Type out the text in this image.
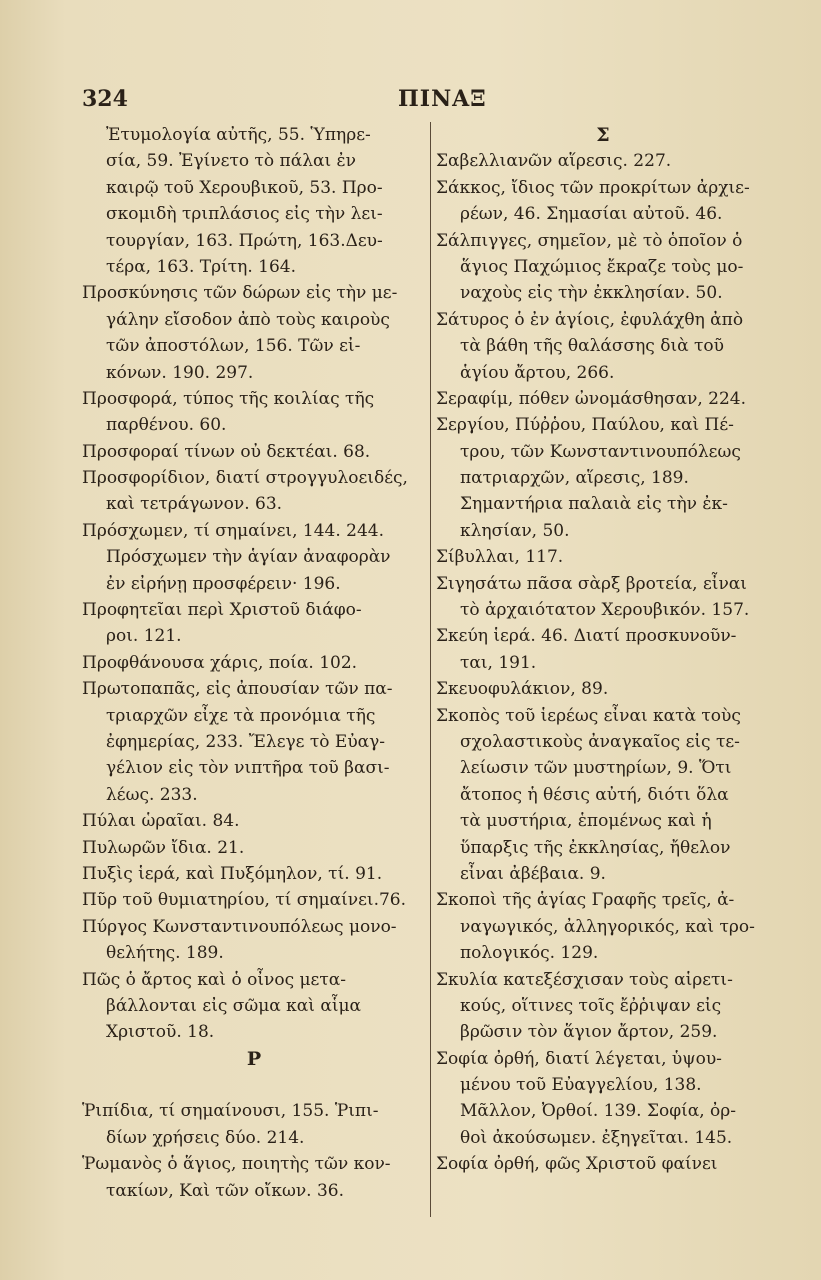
324	ΠΙΝΑΞ
Ἐτυμολογία αὐτῆς, 55. Ὑπηρε-
σία, 59. Ἐγίνετο τὸ πάλαι ἐν
καιρῷ τοῦ Χερουβικοῦ, 53. Προ-
σκομιδὴ τριπλάσιος εἰς τὴν λει-
τουργίαν, 163. Πρώτη, 163.Δευ-
τέρα, 163. Τρίτη. 164.
Προσκύνησις τῶν δώρων εἰς τὴν με-
γάλην εἴσοδον ἀπὸ τοὺς καιροὺς
τῶν ἀποστόλων, 156. Τῶν εἰ-
κόνων. 190. 297.
Προσφορά, τύπος τῆς κοιλίας τῆς
παρθένου. 60.
Προσφοραί τίνων οὐ δεκτέαι. 68.
Προσφορίδιον, διατί στρογγυλοειδές,
καὶ τετράγωνον. 63.
Πρόσχωμεν, τί σημαίνει, 144. 244.
Πρόσχωμεν τὴν ἁγίαν ἀναφορὰν
ἐν εἰρήνῃ προσφέρειν· 196.
Προφητεῖαι περὶ Χριστοῦ διάφο-
ροι. 121.
Προφθάνουσα χάρις, ποία. 102.
Πρωτοπαπᾶς, εἰς ἀπουσίαν τῶν πα-
τριαρχῶν εἶχε τὰ προνόμια τῆς
ἐφημερίας, 233. Ἔλεγε τὸ Εὐαγ-
γέλιον εἰς τὸν νιπτῆρα τοῦ βασι-
λέως. 233.
Πύλαι ὡραῖαι. 84.
Πυλωρῶν ἴδια. 21.
Πυξὶς ἱερά, καὶ Πυξόμηλον, τί. 91.
Πῦρ τοῦ θυμιατηρίου, τί σημαίνει.76.
Πύργος Κωνσταντινουπόλεως μονο-
θελήτης. 189.
Πῶς ὁ ἄρτος καὶ ὁ οἶνος μετα-
βάλλονται εἰς σῶμα καὶ αἷμα
Χριστοῦ. 18.
Ρ
Ῥιπίδια, τί σημαίνουσι, 155. Ῥιπι-
δίων χρήσεις δύο. 214.
Ῥωμανὸς ὁ ἅγιος, ποιητὴς τῶν κον-
τακίων, Καὶ τῶν οἴκων. 36.
Σ
Σαβελλιανῶν αἵρεσις. 227.
Σάκκος, ἴδιος τῶν προκρίτων ἀρχιε-
ρέων, 46. Σημασίαι αὐτοῦ. 46.
Σάλπιγγες, σημεῖον, μὲ τὸ ὁποῖον ὁ
ἅγιος Παχώμιος ἔκραζε τοὺς μο-
ναχοὺς εἰς τὴν ἐκκλησίαν. 50.
Σάτυρος ὁ ἐν ἁγίοις, ἐφυλάχθη ἀπὸ
τὰ βάθη τῆς θαλάσσης διὰ τοῦ
ἁγίου ἄρτου, 266.
Σεραφίμ, πόθεν ὠνομάσθησαν, 224.
Σεργίου, Πύῤῥου, Παύλου, καὶ Πέ-
τρου, τῶν Κωνσταντινουπόλεως
πατριαρχῶν, αἵρεσις, 189.
Σημαντήρια παλαιὰ εἰς τὴν ἐκ-
κλησίαν, 50.
Σίβυλλαι, 117.
Σιγησάτω πᾶσα σὰρξ βροτεία, εἶναι
τὸ ἀρχαιότατον Χερουβικόν. 157.
Σκεύη ἱερά. 46. Διατί προσκυνοῦν-
ται, 191.
Σκευοφυλάκιον, 89.
Σκοπὸς τοῦ ἱερέως εἶναι κατὰ τοὺς
σχολαστικοὺς ἀναγκαῖος εἰς τε-
λείωσιν τῶν μυστηρίων, 9. Ὅτι
ἄτοπος ἡ θέσις αὐτή, διότι ὅλα
τὰ μυστήρια, ἑπομένως καὶ ἡ
ὕπαρξις τῆς ἐκκλησίας, ἤθελον
εἶναι ἀβέβαια. 9.
Σκοποὶ τῆς ἁγίας Γραφῆς τρεῖς, ἀ-
ναγωγικός, ἀλληγορικός, καὶ τρο-
πολογικός. 129.
Σκυλία κατεξέσχισαν τοὺς αἱρετι-
κούς, οἵτινες τοῖς ἔῤῥιψαν εἰς
βρῶσιν τὸν ἅγιον ἄρτον, 259.
Σοφία ὀρθή, διατί λέγεται, ὑψου-
μένου τοῦ Εὐαγγελίου, 138.
Μᾶλλον, Ὀρθοί. 139. Σοφία, ὀρ-
θοὶ ἀκούσωμεν. ἐξηγεῖται. 145.
Σοφία ὀρθή, φῶς Χριστοῦ φαίνει
